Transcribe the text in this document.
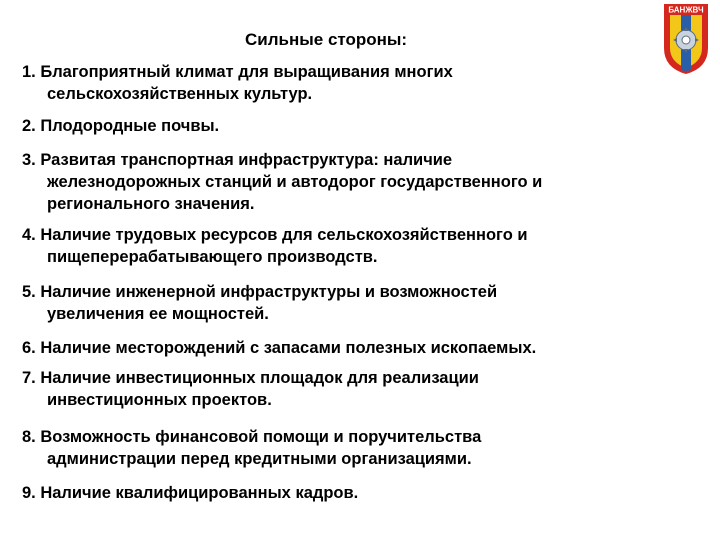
Сильные стороны:
БАНЖВЧ
1. Благоприятный климат для выращивания многих
сельскохозяйственных культур.
2. Плодородные почвы.
3. Развитая транспортная инфраструктура: наличие
железнодорожных станций и автодорог государственного и
регионального значения.
4. Наличие трудовых ресурсов для сельскохозяйственного и
пищеперерабатывающего производств.
5. Наличие инженерной инфраструктуры и возможностей
увеличения ее мощностей.
6. Наличие месторождений с запасами полезных ископаемых.
7. Наличие инвестиционных площадок для реализации
инвестиционных проектов.
8. Возможность финансовой помощи и поручительства
администрации перед кредитными организациями.
9. Наличие квалифицированных кадров.
